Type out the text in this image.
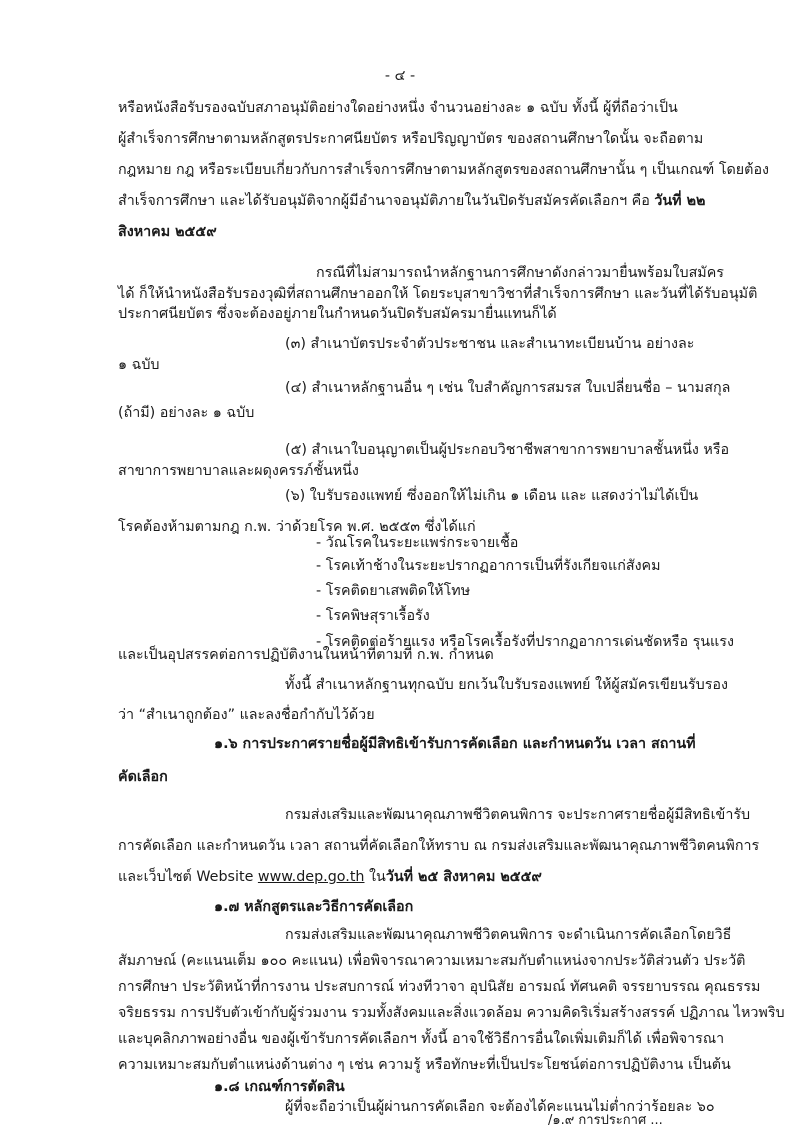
- ๔ -
หรือหนังสือรับรองฉบับสภาอนุมัติอย่างใดอย่างหนึ่ง จำนวนอย่างละ ๑ ฉบับ ทั้งนี้ ผู้ที่ถือว่าเป็น
ผู้สำเร็จการศึกษาตามหลักสูตรประกาศนียบัตร หรือปริญญาบัตร ของสถานศึกษาใดนั้น จะถือตาม
กฎหมาย กฎ หรือระเบียบเกี่ยวกับการสำเร็จการศึกษาตามหลักสูตรของสถานศึกษานั้น ๆ เป็นเกณฑ์ โดยต้อง
สำเร็จการศึกษา และได้รับอนุมัติจากผู้มีอำนาจอนุมัติภายในวันปิดรับสมัครคัดเลือกฯ คือ วันที่ ๒๒
สิงหาคม ๒๕๕๙
กรณีที่ไม่สามารถนำหลักฐานการศึกษาดังกล่าวมายื่นพร้อมใบสมัคร
ได้ ก็ให้นำหนังสือรับรองวุฒิที่สถานศึกษาออกให้ โดยระบุสาขาวิชาที่สำเร็จการศึกษา และวันที่ได้รับอนุมัติ
ประกาศนียบัตร ซึ่งจะต้องอยู่ภายในกำหนดวันปิดรับสมัครมายื่นแทนก็ได้
(๓) สำเนาบัตรประจำตัวประชาชน และสำเนาทะเบียนบ้าน อย่างละ
๑ ฉบับ
(๔) สำเนาหลักฐานอื่น ๆ เช่น ใบสำคัญการสมรส ใบเปลี่ยนชื่อ – นามสกุล
(ถ้ามี) อย่างละ ๑ ฉบับ
(๕) สำเนาใบอนุญาตเป็นผู้ประกอบวิชาชีพสาขาการพยาบาลชั้นหนึ่ง หรือ
สาขาการพยาบาลและผดุงครรภ์ชั้นหนึ่ง
(๖) ใบรับรองแพทย์ ซึ่งออกให้ไม่เกิน ๑ เดือน และ แสดงว่าไม่ได้เป็น
โรคต้องห้ามตามกฎ ก.พ. ว่าด้วยโรค พ.ศ. ๒๕๕๓ ซึ่งได้แก่
- วัณโรคในระยะแพร่กระจายเชื้อ
- โรคเท้าช้างในระยะปรากฏอาการเป็นที่รังเกียจแก่สังคม
- โรคติดยาเสพติดให้โทษ
- โรคพิษสุราเรื้อรัง
- โรคติดต่อร้ายแรง หรือโรคเรื้อรังที่ปรากฏอาการเด่นชัดหรือ รุนแรง
และเป็นอุปสรรคต่อการปฏิบัติงานในหน้าที่ตามที่ ก.พ. กำหนด
ทั้งนี้ สำเนาหลักฐานทุกฉบับ ยกเว้นใบรับรองแพทย์ ให้ผู้สมัครเขียนรับรอง
ว่า “สำเนาถูกต้อง” และลงชื่อกำกับไว้ด้วย
๑.๖ การประกาศรายชื่อผู้มีสิทธิเข้ารับการคัดเลือก และกำหนดวัน เวลา สถานที่
คัดเลือก
กรมส่งเสริมและพัฒนาคุณภาพชีวิตคนพิการ จะประกาศรายชื่อผู้มีสิทธิเข้ารับ
การคัดเลือก และกำหนดวัน เวลา สถานที่คัดเลือกให้ทราบ ณ กรมส่งเสริมและพัฒนาคุณภาพชีวิตคนพิการ
และเว็บไซต์ Website www.dep.go.th ในวันที่ ๒๕ สิงหาคม ๒๕๕๙
๑.๗ หลักสูตรและวิธีการคัดเลือก
กรมส่งเสริมและพัฒนาคุณภาพชีวิตคนพิการ จะดำเนินการคัดเลือกโดยวิธี
สัมภาษณ์ (คะแนนเต็ม ๑๐๐ คะแนน) เพื่อพิจารณาความเหมาะสมกับตำแหน่งจากประวัติส่วนตัว ประวัติ
การศึกษา ประวัติหน้าที่การงาน ประสบการณ์ ท่วงทีวาจา อุปนิสัย อารมณ์ ทัศนคติ จรรยาบรรณ คุณธรรม
จริยธรรม การปรับตัวเข้ากับผู้ร่วมงาน รวมทั้งสังคมและสิ่งแวดล้อม ความคิดริเริ่มสร้างสรรค์ ปฏิภาณ ไหวพริบ
และบุคลิกภาพอย่างอื่น ของผู้เข้ารับการคัดเลือกฯ ทั้งนี้ อาจใช้วิธีการอื่นใดเพิ่มเติมก็ได้ เพื่อพิจารณา
ความเหมาะสมกับตำแหน่งด้านต่าง ๆ เช่น ความรู้ หรือทักษะที่เป็นประโยชน์ต่อการปฏิบัติงาน เป็นต้น
๑.๘ เกณฑ์การตัดสิน
ผู้ที่จะถือว่าเป็นผู้ผ่านการคัดเลือก จะต้องได้คะแนนไม่ต่ำกว่าร้อยละ ๖๐
/๑.๙ การประกาศ ...
